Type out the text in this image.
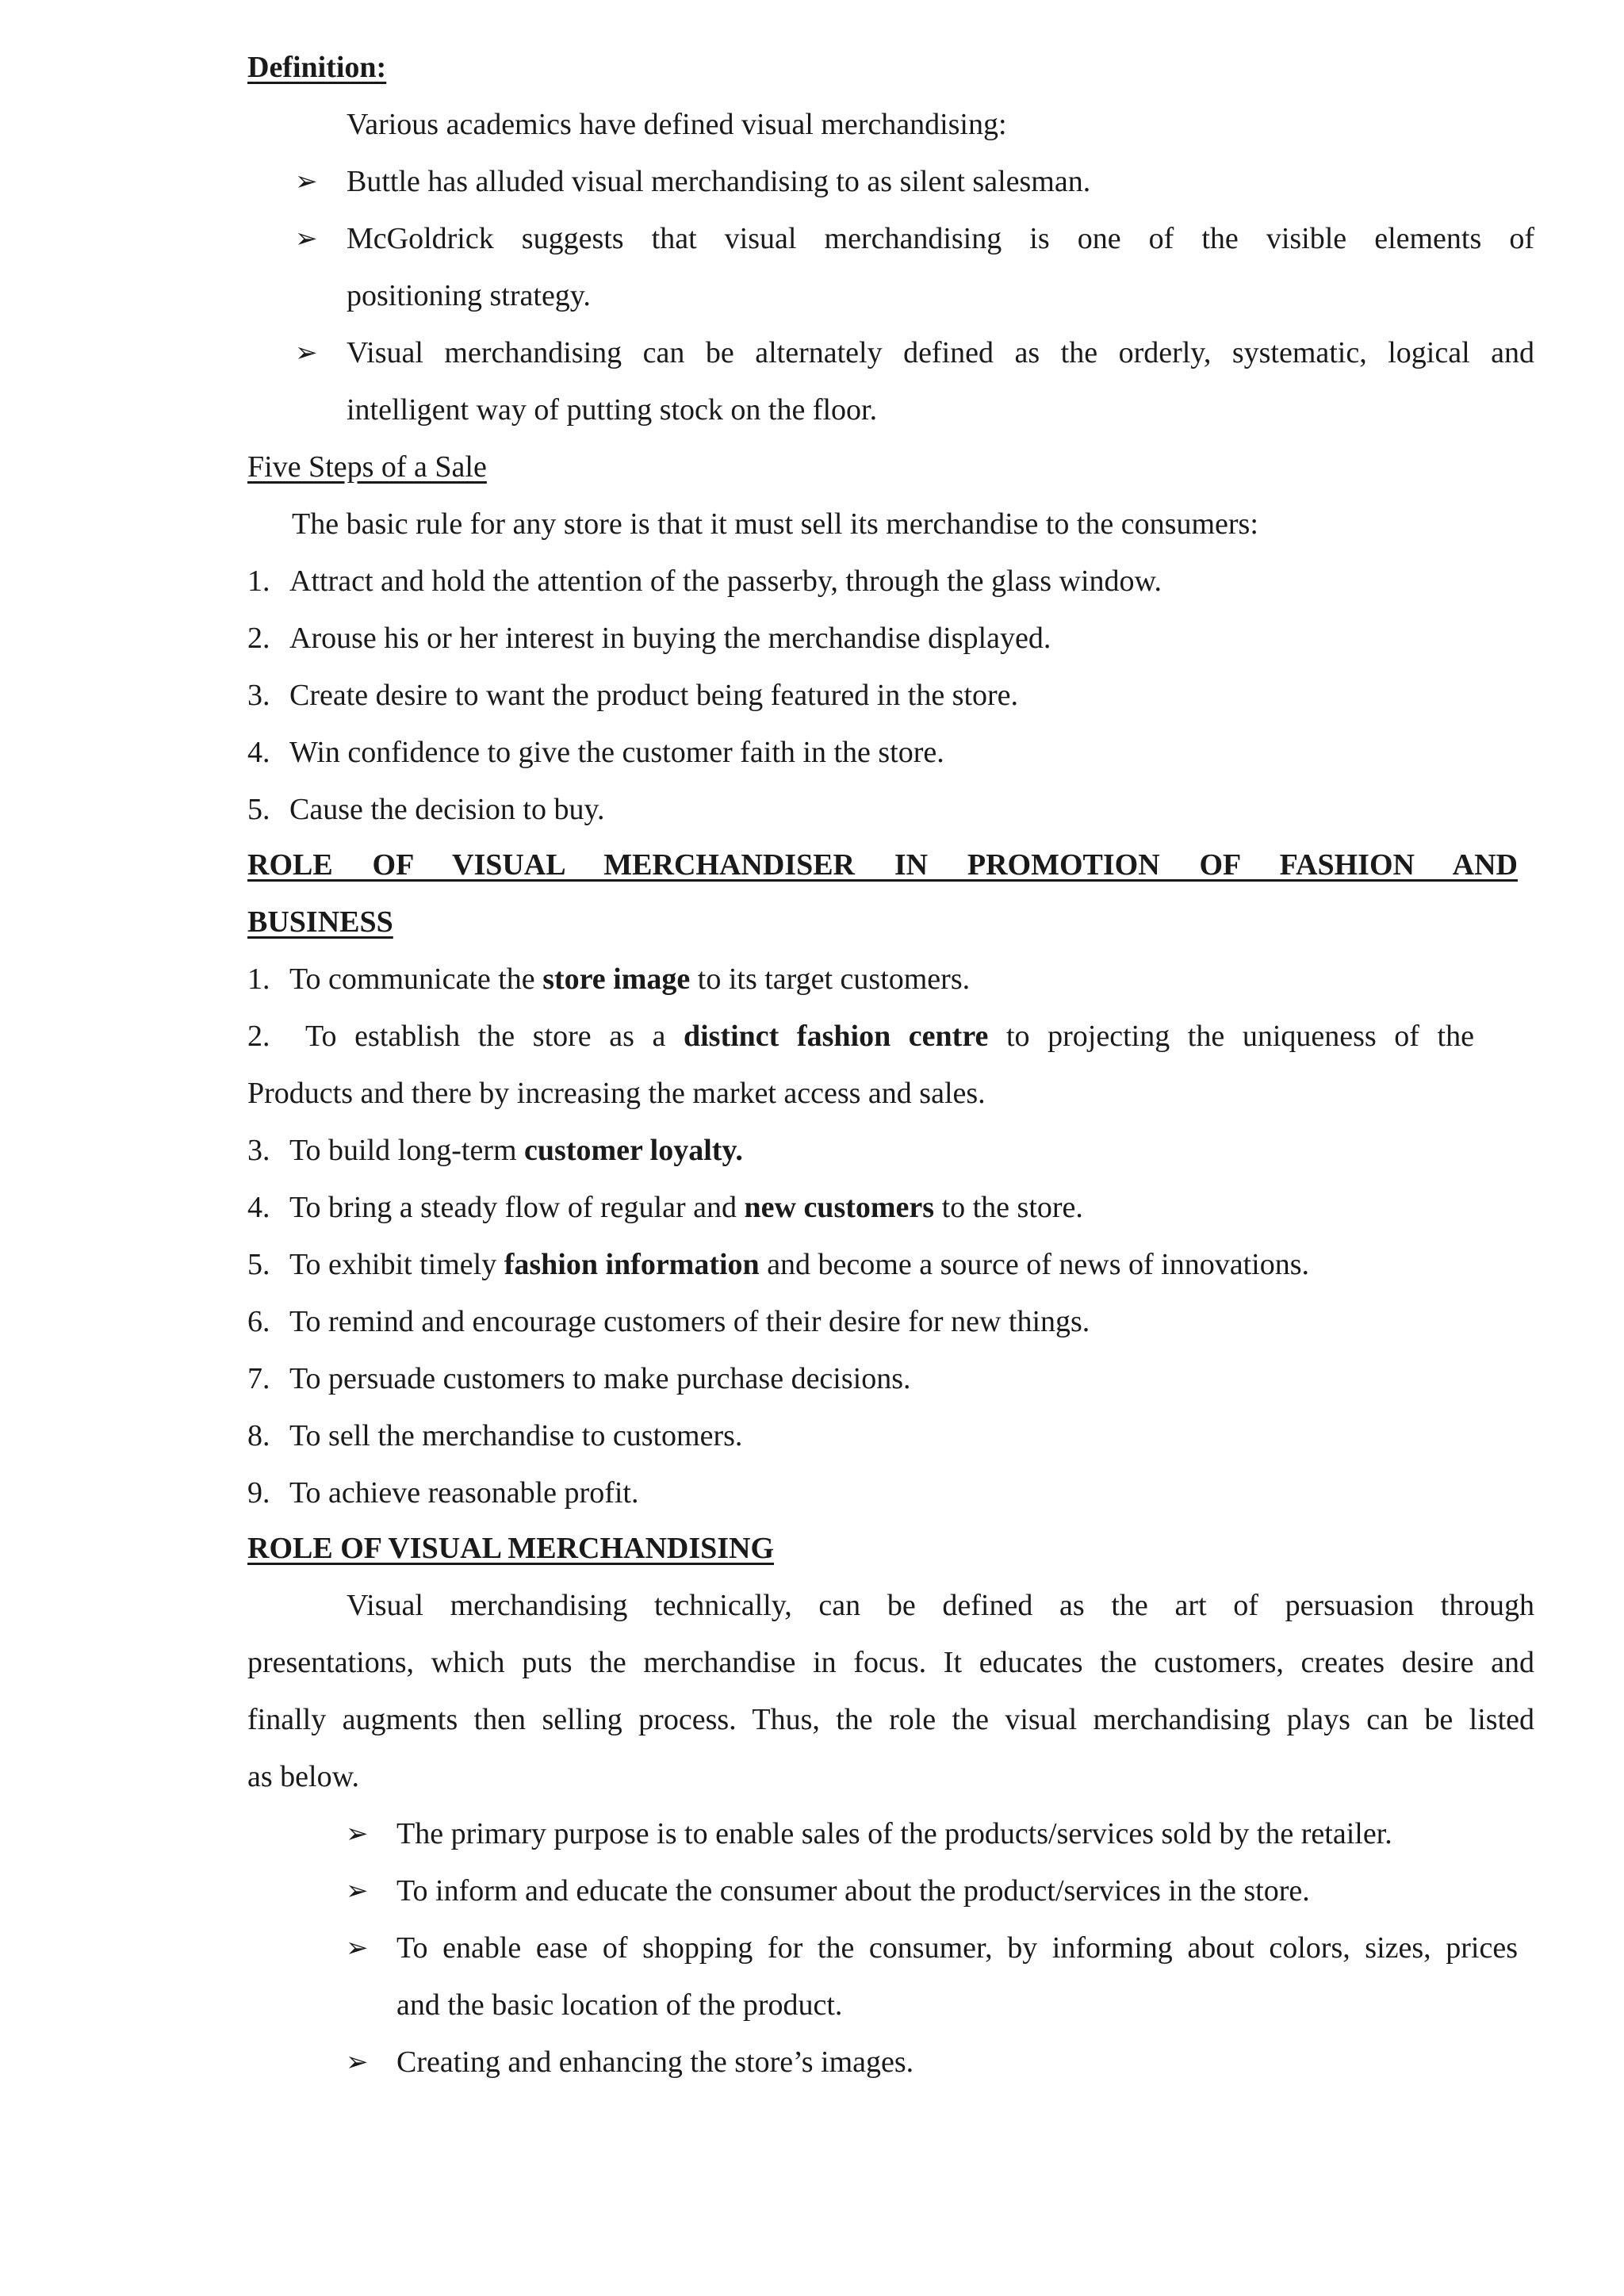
Definition:
Various academics have defined visual merchandising:
➢ Buttle has alluded visual merchandising to as silent salesman.
➢ McGoldrick suggests that visual merchandising is one of the visible elements of
positioning strategy.
➢ Visual merchandising can be alternately defined as the orderly, systematic, logical and
intelligent way of putting stock on the floor.
Five Steps of a Sale
The basic rule for any store is that it must sell its merchandise to the consumers:
1. Attract and hold the attention of the passerby, through the glass window.
2. Arouse his or her interest in buying the merchandise displayed.
3. Create desire to want the product being featured in the store.
4. Win confidence to give the customer faith in the store.
5. Cause the decision to buy.
ROLE OF VISUAL MERCHANDISER IN PROMOTION OF FASHION AND
BUSINESS
1. To communicate the store image to its target customers.
2. To establish the store as a distinct fashion centre to projecting the uniqueness of the
Products and there by increasing the market access and sales.
3. To build long-term customer loyalty.
4. To bring a steady flow of regular and new customers to the store.
5. To exhibit timely fashion information and become a source of news of innovations.
6. To remind and encourage customers of their desire for new things.
7. To persuade customers to make purchase decisions.
8. To sell the merchandise to customers.
9. To achieve reasonable profit.
ROLE OF VISUAL MERCHANDISING
Visual merchandising technically, can be defined as the art of persuasion through
presentations, which puts the merchandise in focus. It educates the customers, creates desire and
finally augments then selling process. Thus, the role the visual merchandising plays can be listed
as below.
➢ The primary purpose is to enable sales of the products/services sold by the retailer.
➢ To inform and educate the consumer about the product/services in the store.
➢ To enable ease of shopping for the consumer, by informing about colors, sizes, prices
and the basic location of the product.
➢ Creating and enhancing the store’s images.
